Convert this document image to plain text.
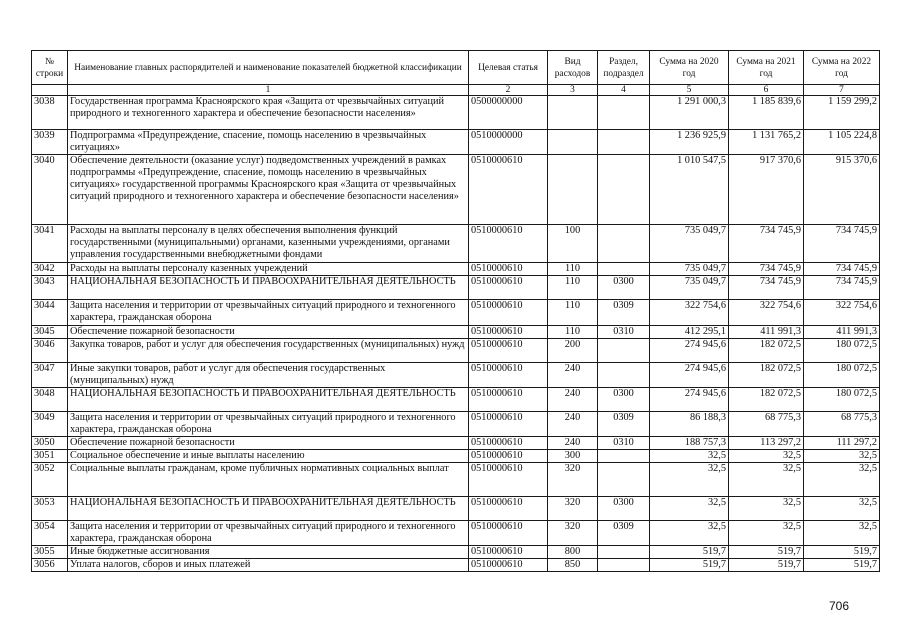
№ строки	Наименование главных распорядителей и наименование показателей бюджетной классификации	Целевая статья	Вид расходов	Раздел, подраздел	Сумма на 2020 год	Сумма на 2021 год	Сумма на 2022 год
	1	2	3	4	5	6	7
3038	Государственная программа Красноярского края «Защита от чрезвычайных ситуаций природного и техногенного характера и обеспечение безопасности населения»	0500000000			1 291 000,3	1 185 839,6	1 159 299,2
3039	Подпрограмма «Предупреждение, спасение, помощь населению в чрезвычайных ситуациях»	0510000000			1 236 925,9	1 131 765,2	1 105 224,8
3040	Обеспечение деятельности (оказание услуг) подведомственных учреждений в рамках подпрограммы «Предупреждение, спасение, помощь населению в чрезвычайных ситуациях» государственной программы Красноярского края «Защита от чрезвычайных ситуаций природного и техногенного характера и обеспечение безопасности населения»	0510000610			1 010 547,5	917 370,6	915 370,6
3041	Расходы на выплаты персоналу в целях обеспечения выполнения функций государственными (муниципальными) органами, казенными учреждениями, органами управления государственными внебюджетными фондами	0510000610	100		735 049,7	734 745,9	734 745,9
3042	Расходы на выплаты персоналу казенных учреждений	0510000610	110		735 049,7	734 745,9	734 745,9
3043	НАЦИОНАЛЬНАЯ БЕЗОПАСНОСТЬ И ПРАВООХРАНИТЕЛЬНАЯ ДЕЯТЕЛЬНОСТЬ	0510000610	110	0300	735 049,7	734 745,9	734 745,9
3044	Защита населения и территории от чрезвычайных ситуаций природного и техногенного характера, гражданская оборона	0510000610	110	0309	322 754,6	322 754,6	322 754,6
3045	Обеспечение пожарной безопасности	0510000610	110	0310	412 295,1	411 991,3	411 991,3
3046	Закупка товаров, работ и услуг для обеспечения государственных (муниципальных) нужд	0510000610	200		274 945,6	182 072,5	180 072,5
3047	Иные закупки товаров, работ и услуг для обеспечения государственных (муниципальных) нужд	0510000610	240		274 945,6	182 072,5	180 072,5
3048	НАЦИОНАЛЬНАЯ БЕЗОПАСНОСТЬ И ПРАВООХРАНИТЕЛЬНАЯ ДЕЯТЕЛЬНОСТЬ	0510000610	240	0300	274 945,6	182 072,5	180 072,5
3049	Защита населения и территории от чрезвычайных ситуаций природного и техногенного характера, гражданская оборона	0510000610	240	0309	86 188,3	68 775,3	68 775,3
3050	Обеспечение пожарной безопасности	0510000610	240	0310	188 757,3	113 297,2	111 297,2
3051	Социальное обеспечение и иные выплаты населению	0510000610	300		32,5	32,5	32,5
3052	Социальные выплаты гражданам, кроме публичных нормативных социальных выплат	0510000610	320		32,5	32,5	32,5
3053	НАЦИОНАЛЬНАЯ БЕЗОПАСНОСТЬ И ПРАВООХРАНИТЕЛЬНАЯ ДЕЯТЕЛЬНОСТЬ	0510000610	320	0300	32,5	32,5	32,5
3054	Защита населения и территории от чрезвычайных ситуаций природного и техногенного характера, гражданская оборона	0510000610	320	0309	32,5	32,5	32,5
3055	Иные бюджетные ассигнования	0510000610	800		519,7	519,7	519,7
3056	Уплата налогов, сборов и иных платежей	0510000610	850		519,7	519,7	519,7
706
